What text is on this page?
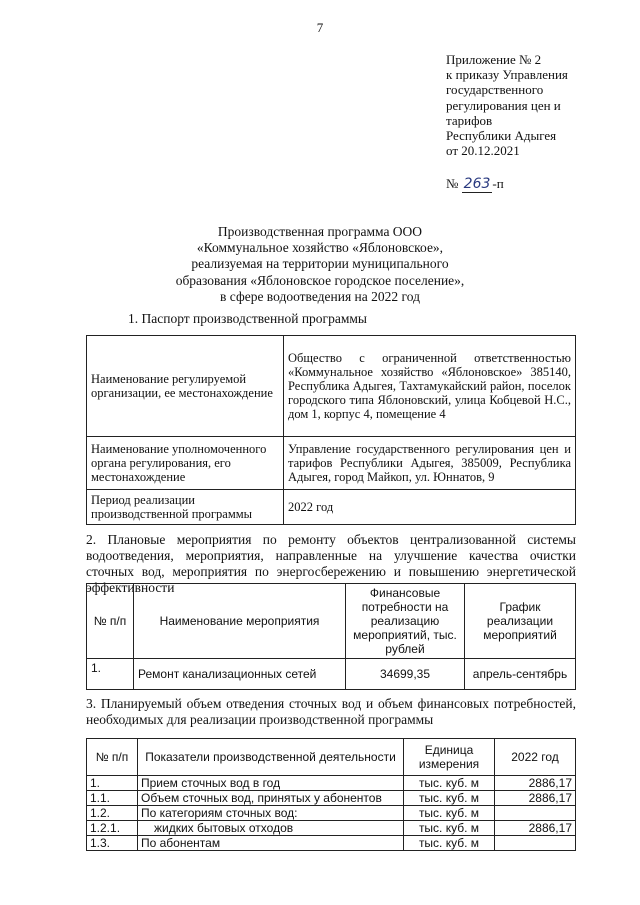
7
Приложение № 2
к приказу Управления
государственного
регулирования цен и
тарифов
Республики Адыгея
от 20.12.2021
№ 263 -п
Производственная программа ООО
«Коммунальное хозяйство «Яблоновское»,
реализуемая на территории муниципального
образования «Яблоновское городское поселение»,
в сфере водоотведения на 2022 год
1. Паспорт производственной программы
Наименование регулируемой организации, ее местонахождение	Общество с ограниченной ответственностью «Коммунальное хозяйство «Яблоновское» 385140, Республика Адыгея, Тахтамукайский район, поселок городского типа Яблоновский, улица Кобцевой Н.С., дом 1, корпус 4, помещение 4
Наименование уполномоченного органа регулирования, его местонахождение	Управление государственного регулирования цен и тарифов Республики Адыгея, 385009, Республика Адыгея, город Майкоп, ул. Юннатов, 9
Период реализации производственной программы	2022 год
2. Плановые мероприятия по ремонту объектов централизованной системы водоотведения, мероприятия, направленные на улучшение качества очистки сточных вод, мероприятия по энергосбережению и повышению энергетической эффективности
№ п/п	Наименование мероприятия	Финансовые потребности на реализацию мероприятий, тыс. рублей	График реализации мероприятий
1.	Ремонт канализационных сетей	34699,35	апрель-сентябрь
3. Планируемый объем отведения сточных вод и объем финансовых потребностей, необходимых для реализации производственной программы
№ п/п	Показатели производственной деятельности	Единица измерения	2022 год
1.	Прием сточных вод в год	тыс. куб. м	2886,17
1.1.	Объем сточных вод, принятых у абонентов	тыс. куб. м	2886,17
1.2.	По категориям сточных вод:	тыс. куб. м	
1.2.1.	жидких бытовых отходов	тыс. куб. м	2886,17
1.3.	По абонентам	тыс. куб. м	
